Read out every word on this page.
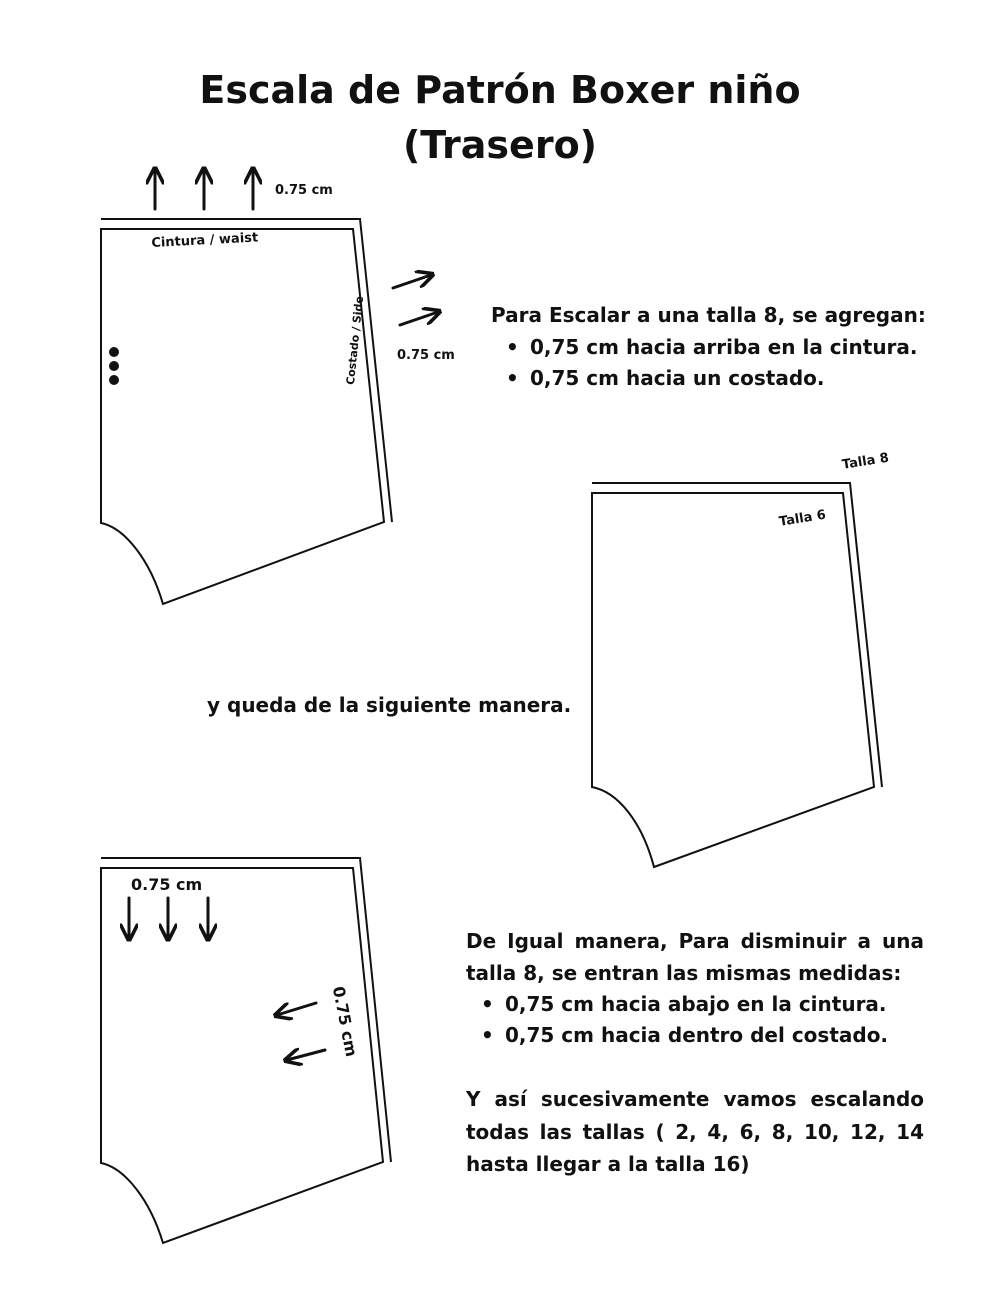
Escala de Patrón Boxer niño
(Trasero)
0.75 cm
Cintura / waist
Costado / Side 0.75 cm
Para Escalar a una talla 8, se agregan:
• 0,75 cm hacia arriba en la cintura.
• 0,75 cm hacia un costado.
y queda de la siguiente manera.
Talla 8
Talla 6
0.75 cm
0.75 cm
De Igual manera, Para disminuir a una
talla 8, se entran las mismas medidas:
• 0,75 cm hacia abajo en la cintura.
• 0,75 cm hacia dentro del costado.
Y así sucesivamente vamos escalando
todas las tallas ( 2, 4, 6, 8, 10, 12, 14
hasta llegar a la talla 16)
